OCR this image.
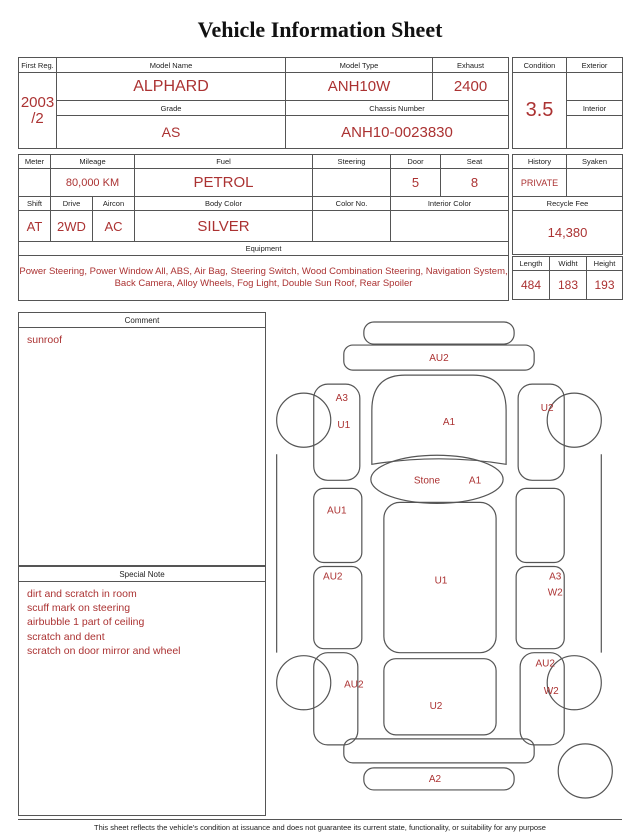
Vehicle Information Sheet
First Reg.	Model Name	Model Type	Exhaust

2003
/2	ALPHARD	ANH10W	2400
	Grade	Chassis Number	
	AS	ANH10-0023830	
Condition	Exterior
3.5	
	Interior

Meter	Mileage		Fuel	Steering	Door	Seat
	80,000 KM		PETROL		5	8
Shift	Drive	Aircon	Body Color	Color No.	Interior Color	
AT	2WD	AC	SILVER			
Equipment						
Power Steering, Power Window All, ABS, Air Bag, Steering Switch, Wood Combination Steering, Navigation System, Back Camera, Alloy Wheels, Fog Light, Double Sun Roof, Rear Spoiler						
History	Syaken
PRIVATE	
Recycle Fee	
14,380	
Length	Widht	Height
484	183	193
Comment
sunroof
Special Note
dirt and scratch in room
scuff mark on steering
airbubble 1 part of ceiling
scratch and dent
scratch on door mirror and wheel
AU2
A3
U1
U2
A1
Stone	A1
AU1
AU2	U1	A3
W2
AU2
W2
AU2
U2
A2
This sheet reflects the vehicle's condition at issuance and does not guarantee its current state, functionality, or suitability for any purpose
